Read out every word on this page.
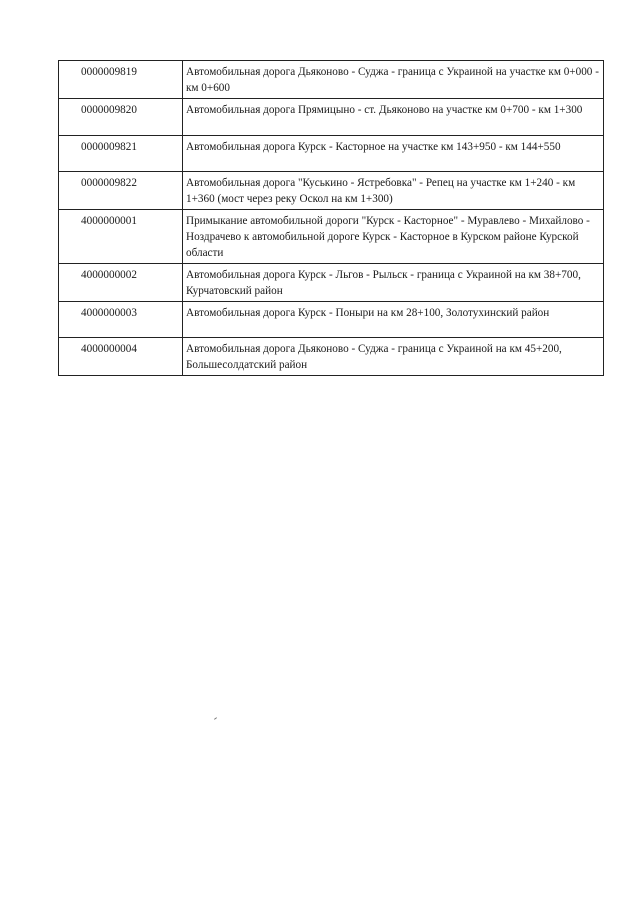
0000009819	Автомобильная дорога Дьяконово - Суджа - граница с Украиной на участке км 0+000 - км 0+600
0000009820	Автомобильная дорога Прямицыно - ст. Дьяконово на участке км 0+700 - км 1+300
0000009821	Автомобильная дорога Курск - Касторное на участке км 143+950 - км 144+550
0000009822	Автомобильная дорога "Куськино - Ястребовка" - Репец на участке км 1+240 - км 1+360 (мост через реку Оскол на км 1+300)
4000000001	Примыкание автомобильной дороги "Курск - Касторное" - Муравлево - Михайлово - Ноздрачево к автомобильной дороге Курск - Касторное в Курском районе Курской области
4000000002	Автомобильная дорога Курск - Льгов - Рыльск - граница с Украиной на км 38+700, Курчатовский район
4000000003	Автомобильная дорога Курск - Поныри на км 28+100, Золотухинский район
4000000004	Автомобильная дорога Дьяконово - Суджа - граница с Украиной на км 45+200, Большесолдатский район
